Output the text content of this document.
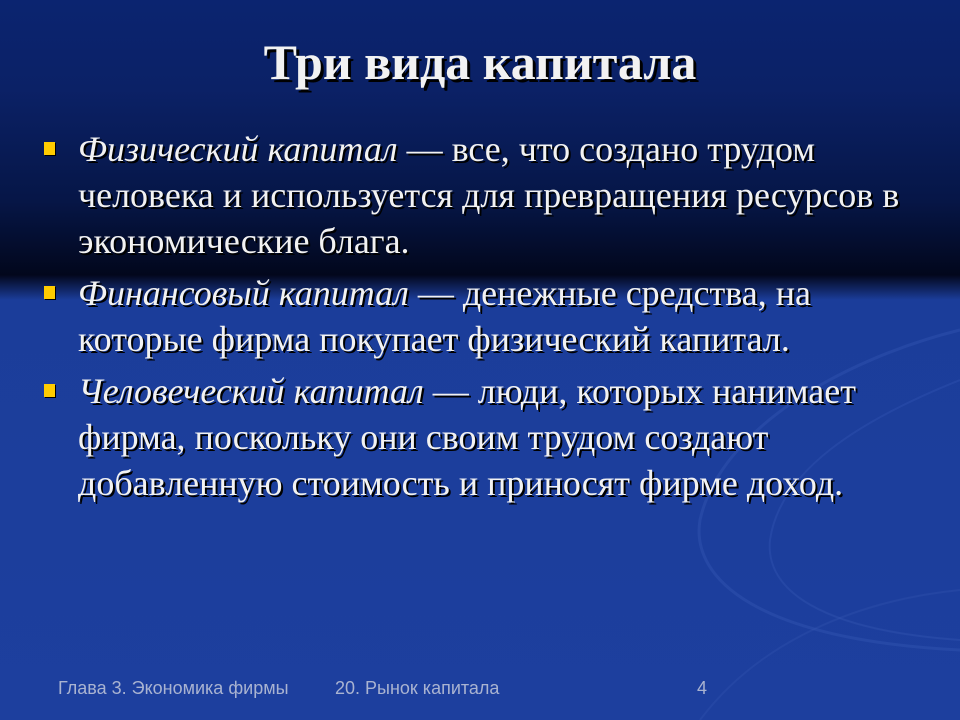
Три вида капитала
Физический капитал — все, что создано трудом человека и используется для превращения ресурсов в экономические блага.
Финансовый капитал — денежные средства, на которые фирма покупает физический капитал.
Человеческий капитал — люди, которых нанимает фирма, поскольку они своим трудом создают добавленную стоимость и приносят фирме доход.
Глава 3. Экономика фирмы	20. Рынок капитала	4
